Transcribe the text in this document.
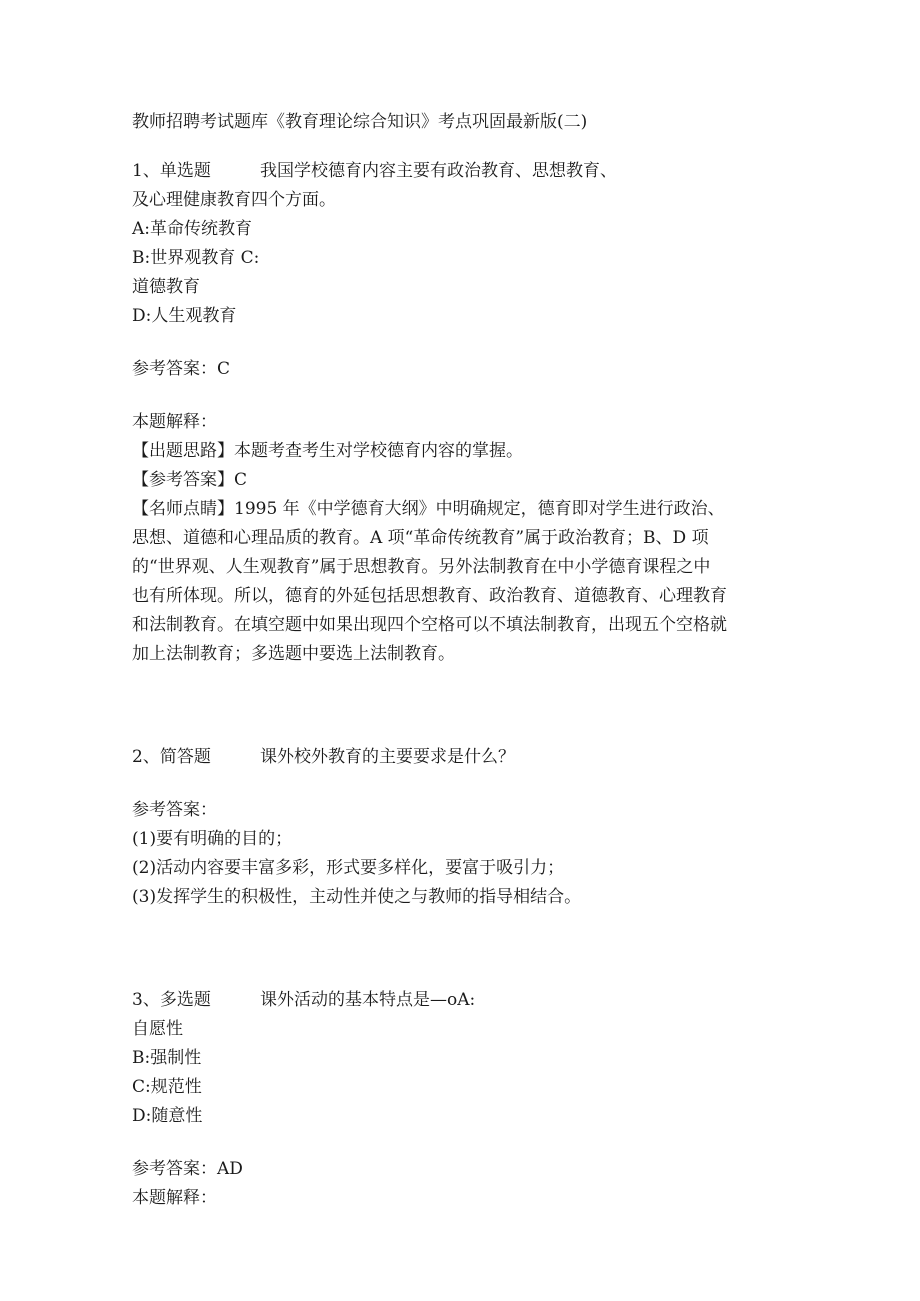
教师招聘考试题库《教育理论综合知识》考点巩固最新版(二)

1、单选题	我国学校德育内容主要有政治教育、思想教育、

及心理健康教育四个方面。

A:革命传统教育

B:世界观教育 C:

道德教育

D:人生观教育

参考答案：C

本题解释：

【出题思路】本题考查考生对学校德育内容的掌握。

【参考答案】C

【名师点睛】1995 年《中学德育大纲》中明确规定，德育即对学生进行政治、

思想、道德和心理品质的教育。A 项“革命传统教育”属于政治教育；B、D 项

的“世界观、人生观教育”属于思想教育。另外法制教育在中小学德育课程之中

也有所体现。所以，德育的外延包括思想教育、政治教育、道德教育、心理教育

和法制教育。在填空题中如果出现四个空格可以不填法制教育，出现五个空格就

加上法制教育；多选题中要选上法制教育。

2、简答题	课外校外教育的主要要求是什么？

参考答案：

(1)要有明确的目的；

(2)活动内容要丰富多彩，形式要多样化，要富于吸引力；

(3)发挥学生的积极性，主动性并使之与教师的指导相结合。

3、多选题	课外活动的基本特点是—oA:

自愿性

B:强制性

C:规范性

D:随意性

参考答案：AD

本题解释：
